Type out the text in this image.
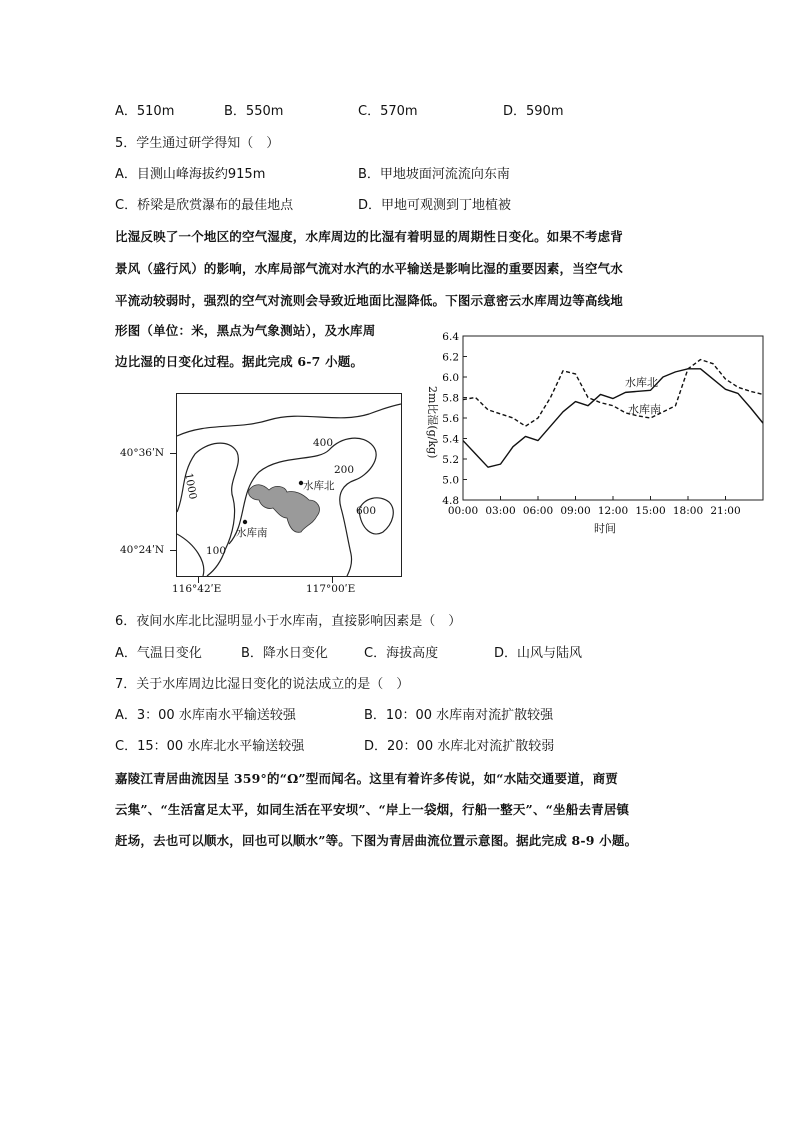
A．510m	B．550m	C．570m	D．590m
5．学生通过研学得知（　）
A．目测山峰海拔约915m	B．甲地坡面河流流向东南
C．桥梁是欣赏瀑布的最佳地点	D．甲地可观测到丁地植被
比湿反映了一个地区的空气湿度，水库周边的比湿有着明显的周期性日变化。如果不考虑背
景风（盛行风）的影响，水库局部气流对水汽的水平输送是影响比湿的重要因素，当空气水
平流动较弱时，强烈的空气对流则会导致近地面比湿降低。下图示意密云水库周边等高线地
形图（单位：米，黑点为气象测站），及水库周
边比湿的日变化过程。据此完成 6-7 小题。
400
1000
200
600
100
水库北
水库南
40°36ʹN
40°24ʹN
116°42ʹE	117°00ʹE
6.4
6.2
6.0
5.8
5.6
5.4
5.2
5.0
4.8
00:00 03:00 06:00 09:00 12:00 15:00 18:00 21:00
水库北
水库南
时间
2m比湿(g/kg)
6．夜间水库北比湿明显小于水库南，直接影响因素是（　）
A．气温日变化	B．降水日变化	C．海拔高度	D．山风与陆风
7．关于水库周边比湿日变化的说法成立的是（　）
A．3：00 水库南水平输送较强	B．10：00 水库南对流扩散较强
C．15：00 水库北水平输送较强	D．20：00 水库北对流扩散较弱
嘉陵江青居曲流因呈 359°的“Ω”型而闻名。这里有着许多传说，如“水陆交通要道，商贾
云集”、“生活富足太平，如同生活在平安坝”、“岸上一袋烟，行船一整天”、“坐船去青居镇
赶场，去也可以顺水，回也可以顺水”等。下图为青居曲流位置示意图。据此完成 8-9 小题。
